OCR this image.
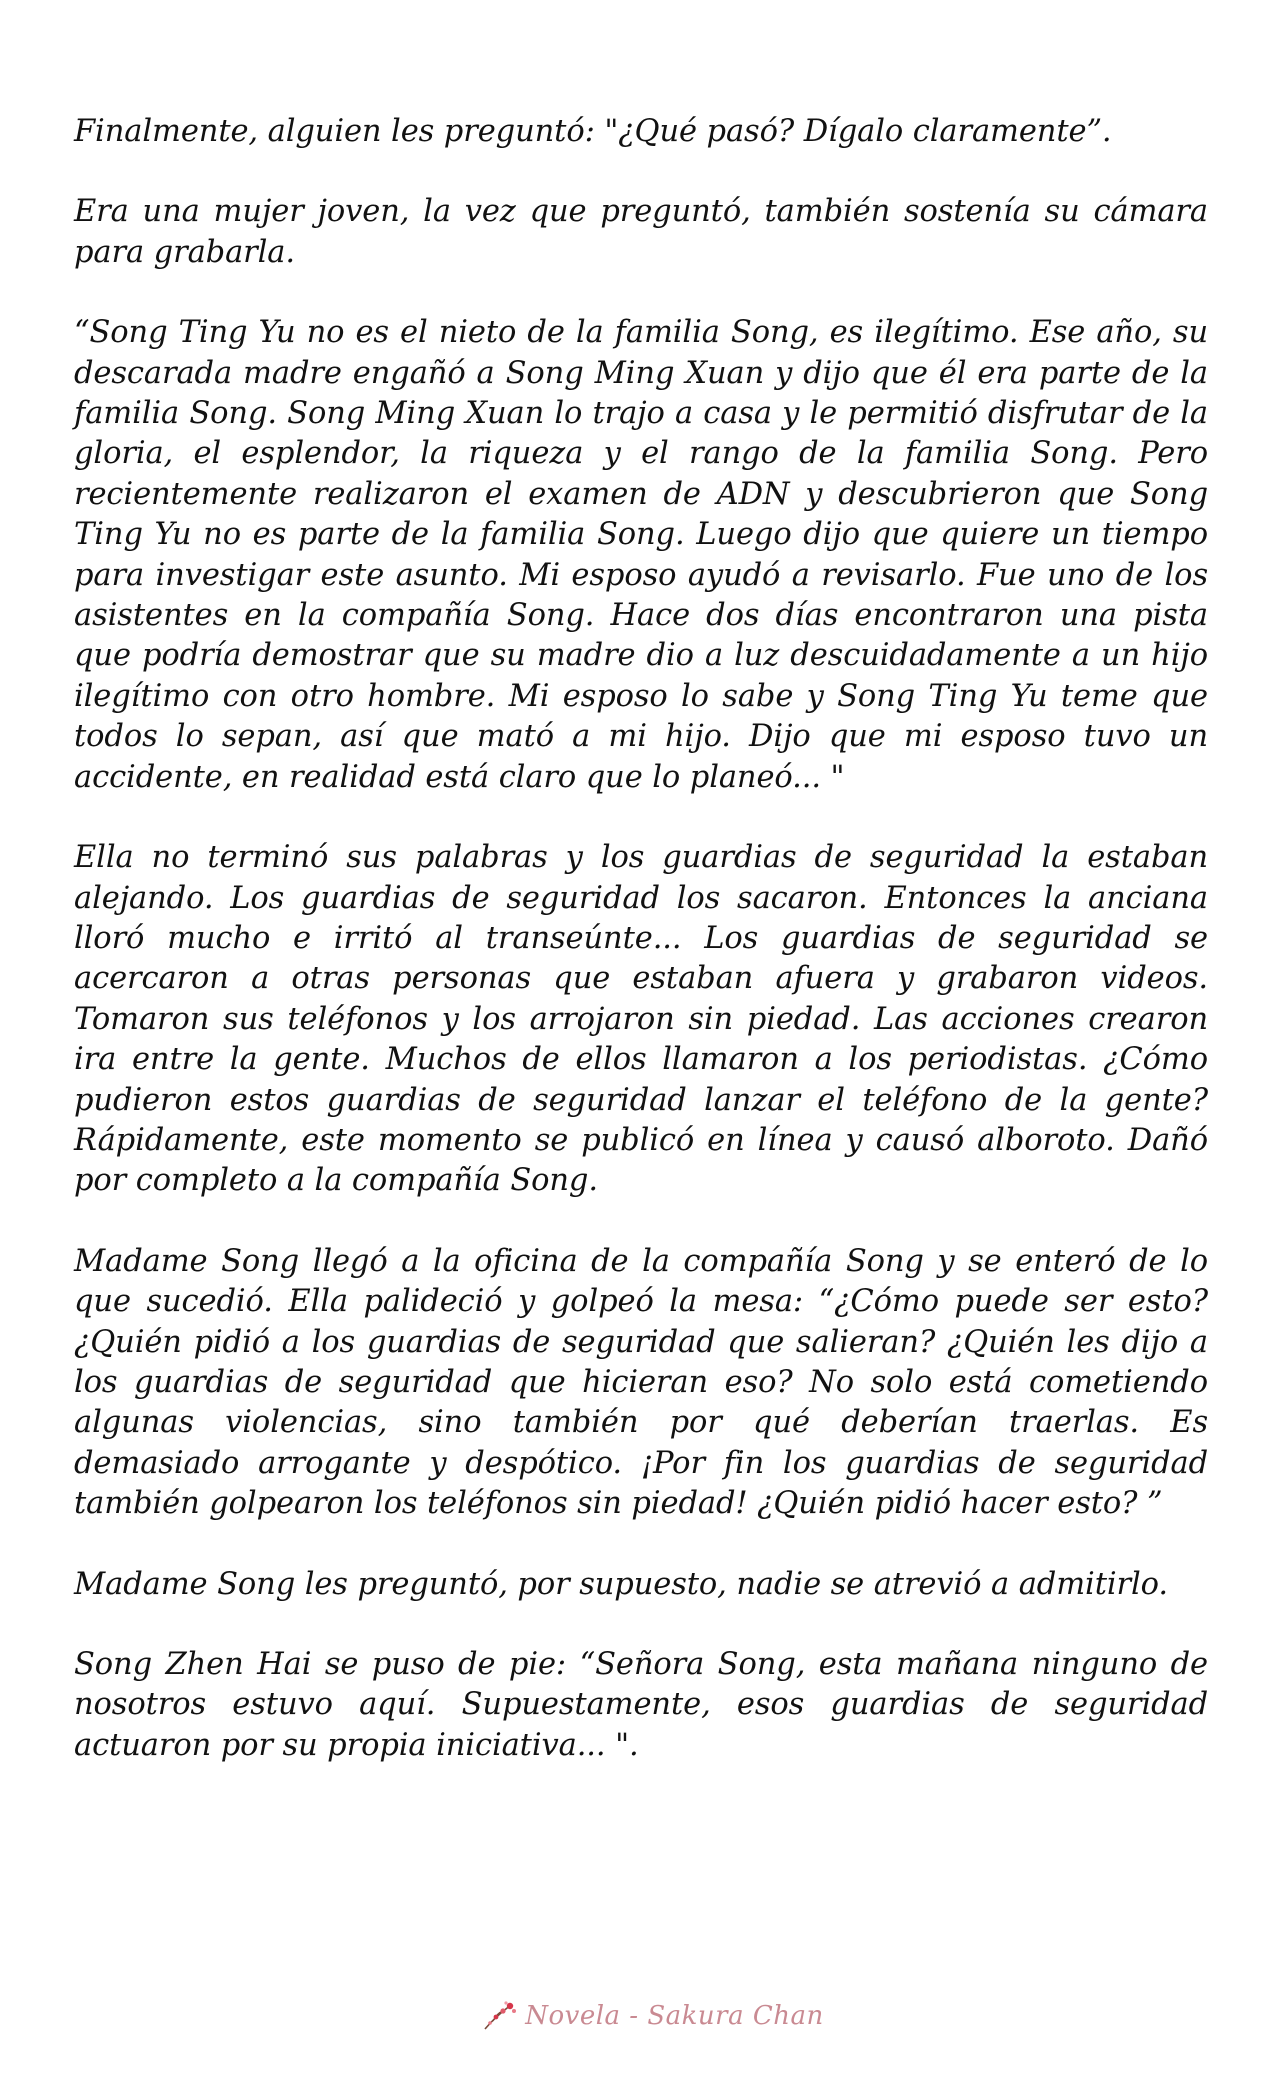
Finalmente, alguien les preguntó: "¿Qué pasó? Dígalo claramente”.

Era una mujer joven, la vez que preguntó, también sostenía su cámara para grabarla.

“Song Ting Yu no es el nieto de la familia Song, es ilegítimo. Ese año, su descarada madre engañó a Song Ming Xuan y dijo que él era parte de la familia Song. Song Ming Xuan lo trajo a casa y le permitió disfrutar de la gloria, el esplendor, la riqueza y el rango de la familia Song. Pero recientemente realizaron el examen de ADN y descubrieron que Song Ting Yu no es parte de la familia Song. Luego dijo que quiere un tiempo para investigar este asunto. Mi esposo ayudó a revisarlo. Fue uno de los asistentes en la compañía Song. Hace dos días encontraron una pista que podría demostrar que su madre dio a luz descuidadamente a un hijo ilegítimo con otro hombre. Mi esposo lo sabe y Song Ting Yu teme que todos lo sepan, así que mató a mi hijo. Dijo que mi esposo tuvo un accidente, en realidad está claro que lo planeó... "

Ella no terminó sus palabras y los guardias de seguridad la estaban alejando. Los guardias de seguridad los sacaron. Entonces la anciana lloró mucho e irritó al transeúnte... Los guardias de seguridad se acercaron a otras personas que estaban afuera y grabaron videos. Tomaron sus teléfonos y los arrojaron sin piedad. Las acciones crearon ira entre la gente. Muchos de ellos llamaron a los periodistas. ¿Cómo pudieron estos guardias de seguridad lanzar el teléfono de la gente? Rápidamente, este momento se publicó en línea y causó alboroto. Dañó por completo a la compañía Song.

Madame Song llegó a la oficina de la compañía Song y se enteró de lo que sucedió. Ella palideció y golpeó la mesa: “¿Cómo puede ser esto? ¿Quién pidió a los guardias de seguridad que salieran? ¿Quién les dijo a los guardias de seguridad que hicieran eso? No solo está cometiendo algunas violencias, sino también por qué deberían traerlas. Es demasiado arrogante y despótico. ¡Por fin los guardias de seguridad también golpearon los teléfonos sin piedad! ¿Quién pidió hacer esto? ”

Madame Song les preguntó, por supuesto, nadie se atrevió a admitirlo.

Song Zhen Hai se puso de pie: “Señora Song, esta mañana ninguno de nosotros estuvo aquí. Supuestamente, esos guardias de seguridad actuaron por su propia iniciativa... ".

Novela - Sakura Chan
